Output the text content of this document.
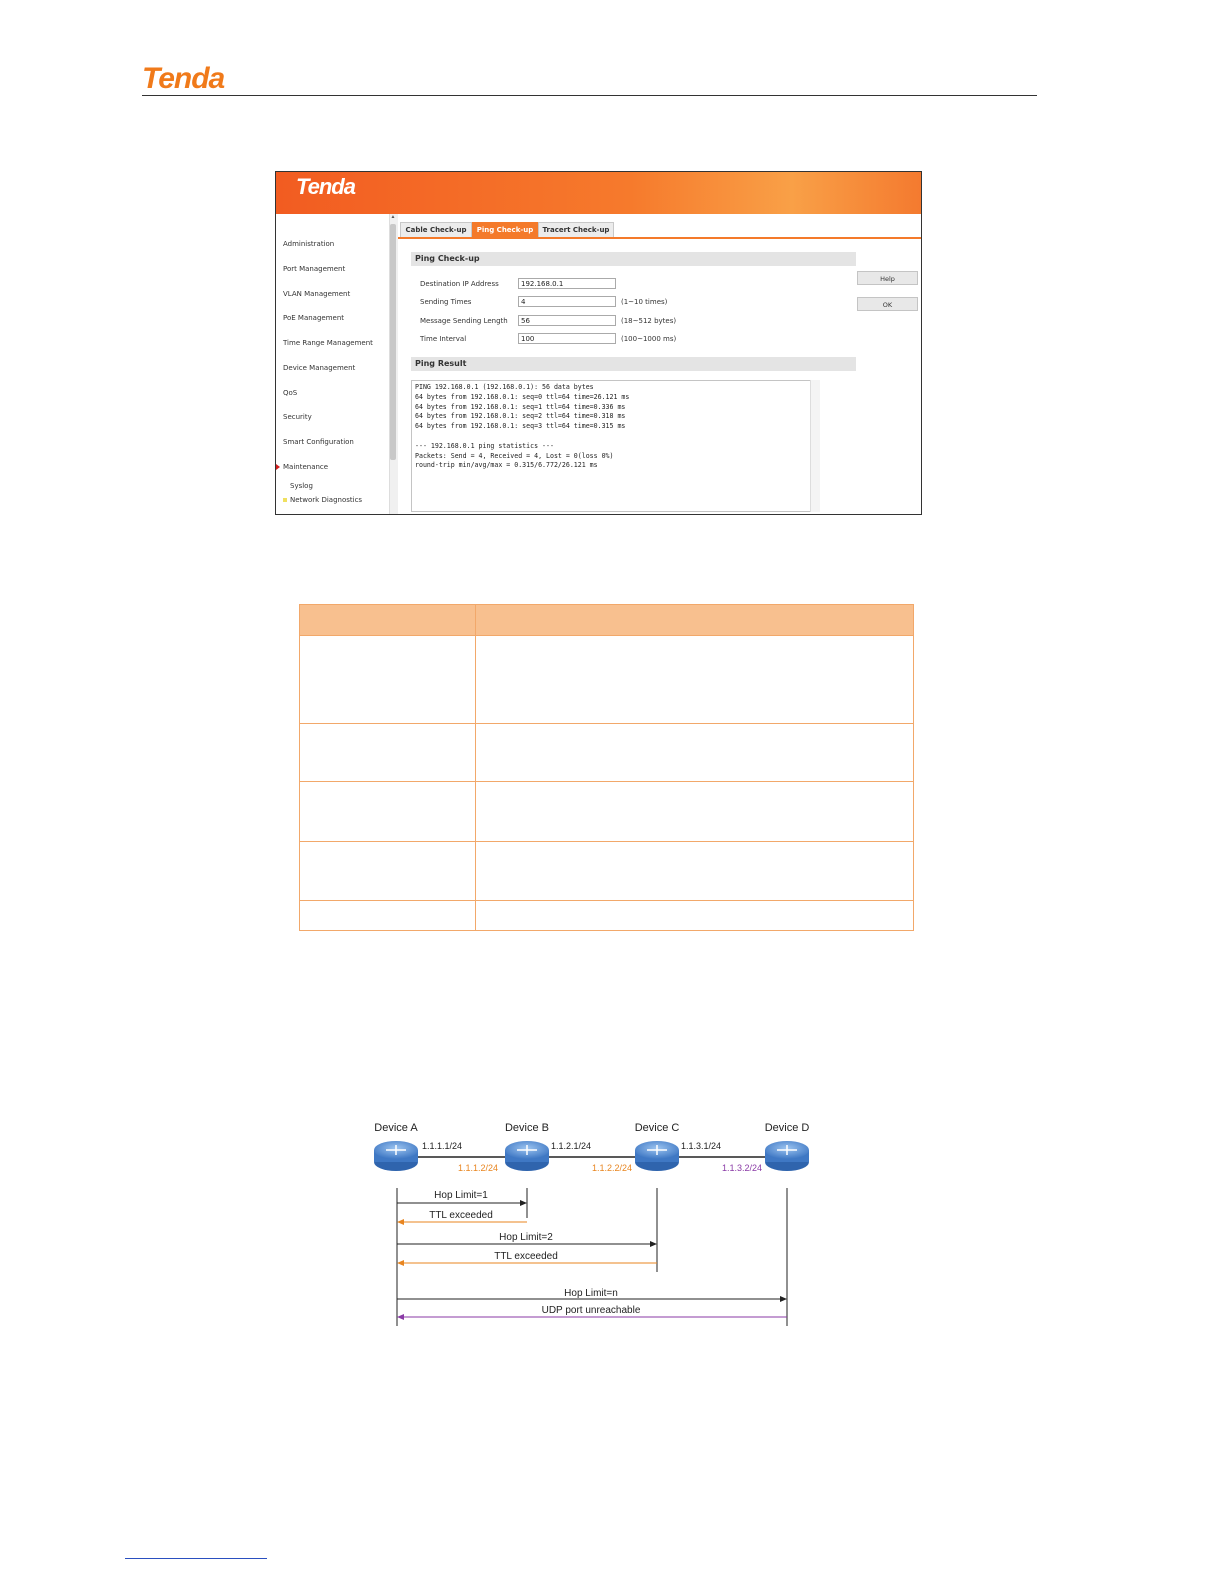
Tenda
Tenda
Administration
Port Management
VLAN Management
PoE Management
Time Range Management
Device Management
QoS
Security
Smart Configuration
Maintenance
Syslog
Network Diagnostics
▲
Cable Check-up	Ping Check-up	Tracert Check-up
Ping Check-up
Destination IP Address	192.168.0.1
Sending Times	4	(1~10 times)
Message Sending Length	56	(18~512 bytes)
Time Interval	100	(100~1000 ms)
Help
OK
Ping Result
PING 192.168.0.1 (192.168.0.1): 56 data bytes
64 bytes from 192.168.0.1: seq=0 ttl=64 time=26.121 ms
64 bytes from 192.168.0.1: seq=1 ttl=64 time=0.336 ms
64 bytes from 192.168.0.1: seq=2 ttl=64 time=0.318 ms
64 bytes from 192.168.0.1: seq=3 ttl=64 time=0.315 ms
--- 192.168.0.1 ping statistics ---
Packets: Send = 4, Received = 4, Lost = 0(loss 0%)
round-trip min/avg/max = 0.315/6.772/26.121 ms

Device A	Device B	Device C	Device D
1.1.1.1/24
1.1.1.2/24
1.1.2.1/24
1.1.2.2/24
1.1.3.1/24
1.1.3.2/24
Hop Limit=1
TTL exceeded
Hop Limit=2
TTL exceeded
Hop Limit=n
UDP port unreachable
